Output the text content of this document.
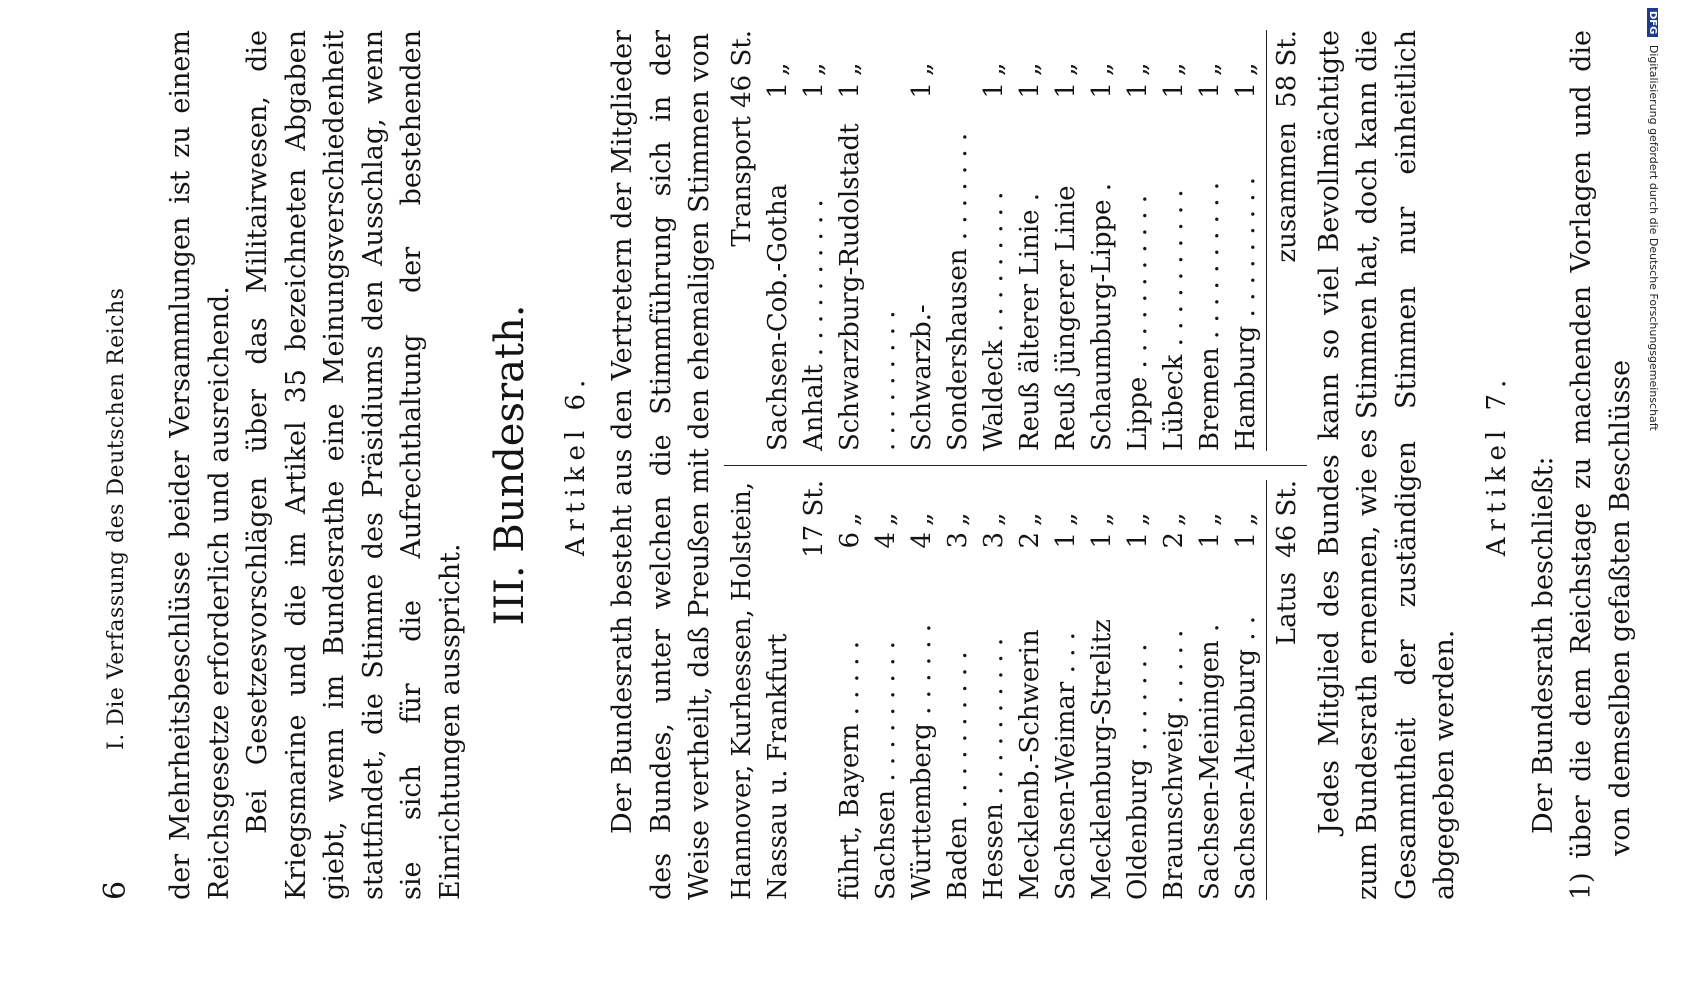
6
I. Die Verfassung des Deutschen Reichs der Mehrheitsbeschlüsse beider Versammlungen ist zu einem Reichsgesetze erforderlich und ausreichend. Bei Gesetzesvorschlägen über das Militairwesen, die Kriegsmarine und die im Artikel 35 bezeichneten Abgaben giebt, wenn im Bundesrathe eine Meinungsverschiedenheit stattfindet, die Stimme des Präsidiums den Ausschlag, wenn sie sich für die Aufrechthaltung der bestehenden Einrichtungen ausspricht.

III. Bundesrath.	Artikel 6. Der Bundesrath besteht aus den Vertretern der Mitglieder des Bundes, unter welchen die Stimmführung sich in der Weise vertheilt, daß Preußen mit den ehemaligen Stimmen von Hannover, Kurhessen, Holstein, Nassau u. Frankfurt
17 St.
führt, Bayern . . . . .
6
„
Sachsen . . . . . . . . .
4
„
Württemberg . . . . . .
4
„
Baden . . . . . . . . . .
3
„
Hessen . . . . . . . . . .
3
„
Mecklenb.-Schwerin
2
„
Sachsen-Weimar . . .
1
„
Mecklenburg-Strelitz
1
„
Oldenburg . . . . . . .
1
„
Braunschweig . . . . .
2
„
Sachsen-Meiningen .
1
„
Sachsen-Altenburg . .
1
„
Latus
46 St.
Transport 46 St.
Sachsen-Cob.-Gotha
1
„
Anhalt . . . . . . . . . .
1
„
Schwarzburg-Rudolstadt . . . . . . . . .
1
„
Schwarzb.-Sondershausen . . . . . . .
1
„
Waldeck . . . . . . . . .
1
„
Reuß älterer Linie .
1
„
Reuß jüngerer Linie
1
„
Schaumburg-Lippe .
1
„
Lippe . . . . . . . . . . .
1
„
Lübeck . . . . . . . . . .
1
„
Bremen . . . . . . . . . .
1
„
Hamburg . . . . . . . . .
1
„
zusammen
58 St. Jedes Mitglied des Bundes kann so viel Bevollmächtigte zum Bundesrath ernennen, wie es Stimmen hat, doch kann die Gesammtheit der zuständigen Stimmen nur einheitlich abgegeben werden.

Artikel 7. Der Bundesrath beschließt: 1) über die dem Reichstage zu machenden Vorlagen und die von demselben gefaßten Beschlüsse

DFG Digitalisierung gefördert durch die Deutsche Forschungsgemeinschaft
